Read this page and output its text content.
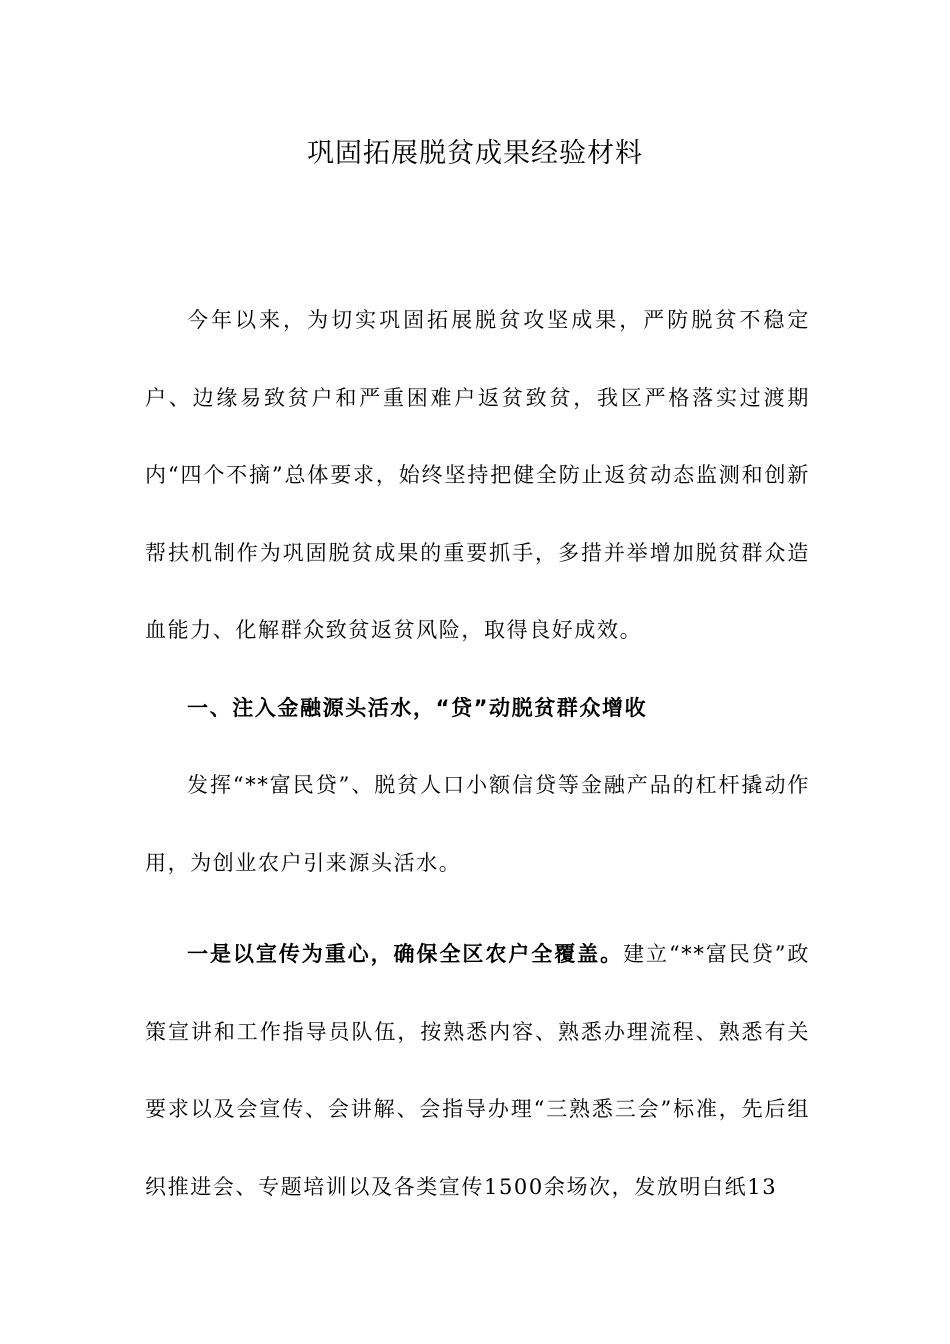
巩固拓展脱贫成果经验材料

今年以来，为切实巩固拓展脱贫攻坚成果，严防脱贫不稳定户、边缘易致贫户和严重困难户返贫致贫，我区严格落实过渡期内“四个不摘”总体要求，始终坚持把健全防止返贫动态监测和创新帮扶机制作为巩固脱贫成果的重要抓手，多措并举增加脱贫群众造血能力、化解群众致贫返贫风险，取得良好成效。

一、注入金融源头活水，“贷”动脱贫群众增收

发挥“**富民贷”、脱贫人口小额信贷等金融产品的杠杆撬动作用，为创业农户引来源头活水。

一是以宣传为重心，确保全区农户全覆盖。建立“**富民贷”政策宣讲和工作指导员队伍，按熟悉内容、熟悉办理流程、熟悉有关要求以及会宣传、会讲解、会指导办理“三熟悉三会”标准，先后组织推进会、专题培训以及各类宣传1500余场次，发放明白纸13
